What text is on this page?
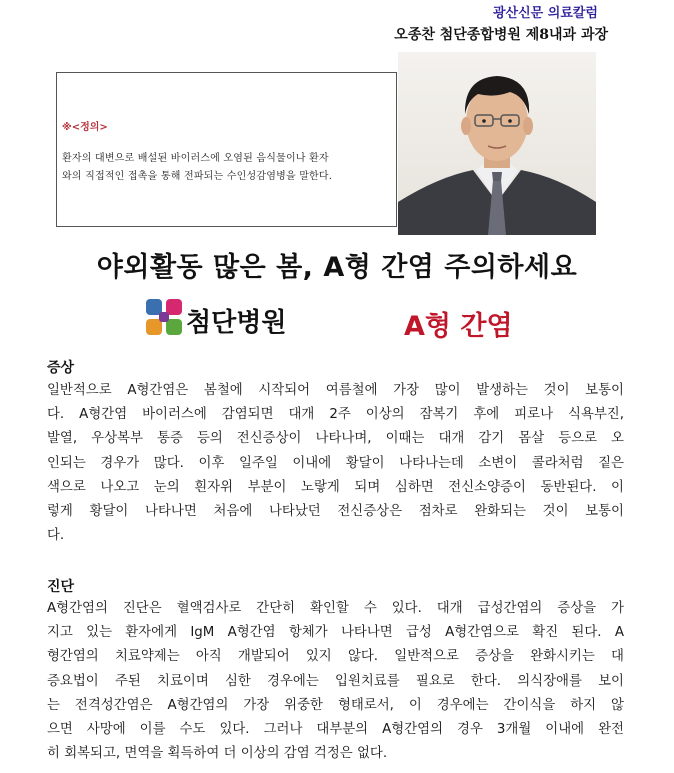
광산신문 의료칼럼
오종찬 첨단종합병원 제8내과 과장
※<정의>
환자의 대변으로 배설된 바이러스에 오염된 음식물이나 환자
와의 직접적인 접촉을 통해 전파되는 수인성감염병을 말한다.
야외활동 많은 봄, A형 간염 주의하세요
첨단병원	A형 간염
증상
일반적으로 A형간염은 봄철에 시작되어 여름철에 가장 많이 발생하는 것이 보통이
다. A형간염 바이러스에 감염되면 대개 2주 이상의 잠복기 후에 피로나 식욕부진,
발열, 우상복부 통증 등의 전신증상이 나타나며, 이때는 대개 감기 몸살 등으로 오
인되는 경우가 많다. 이후 일주일 이내에 황달이 나타나는데 소변이 콜라처럼 짙은
색으로 나오고 눈의 흰자위 부분이 노랗게 되며 심하면 전신소양증이 동반된다. 이
렇게 황달이 나타나면 처음에 나타났던 전신증상은 점차로 완화되는 것이 보통이
다.
진단
A형간염의 진단은 혈액검사로 간단히 확인할 수 있다. 대개 급성간염의 증상을 가
지고 있는 환자에게 IgM A형간염 항체가 나타나면 급성 A형간염으로 확진 된다. A
형간염의 치료약제는 아직 개발되어 있지 않다. 일반적으로 증상을 완화시키는 대
증요법이 주된 치료이며 심한 경우에는 입원치료를 필요로 한다. 의식장애를 보이
는 전격성간염은 A형간염의 가장 위중한 형태로서, 이 경우에는 간이식을 하지 않
으면 사망에 이를 수도 있다. 그러나 대부분의 A형간염의 경우 3개월 이내에 완전
히 회복되고, 면역을 획득하여 더 이상의 감염 걱정은 없다.
